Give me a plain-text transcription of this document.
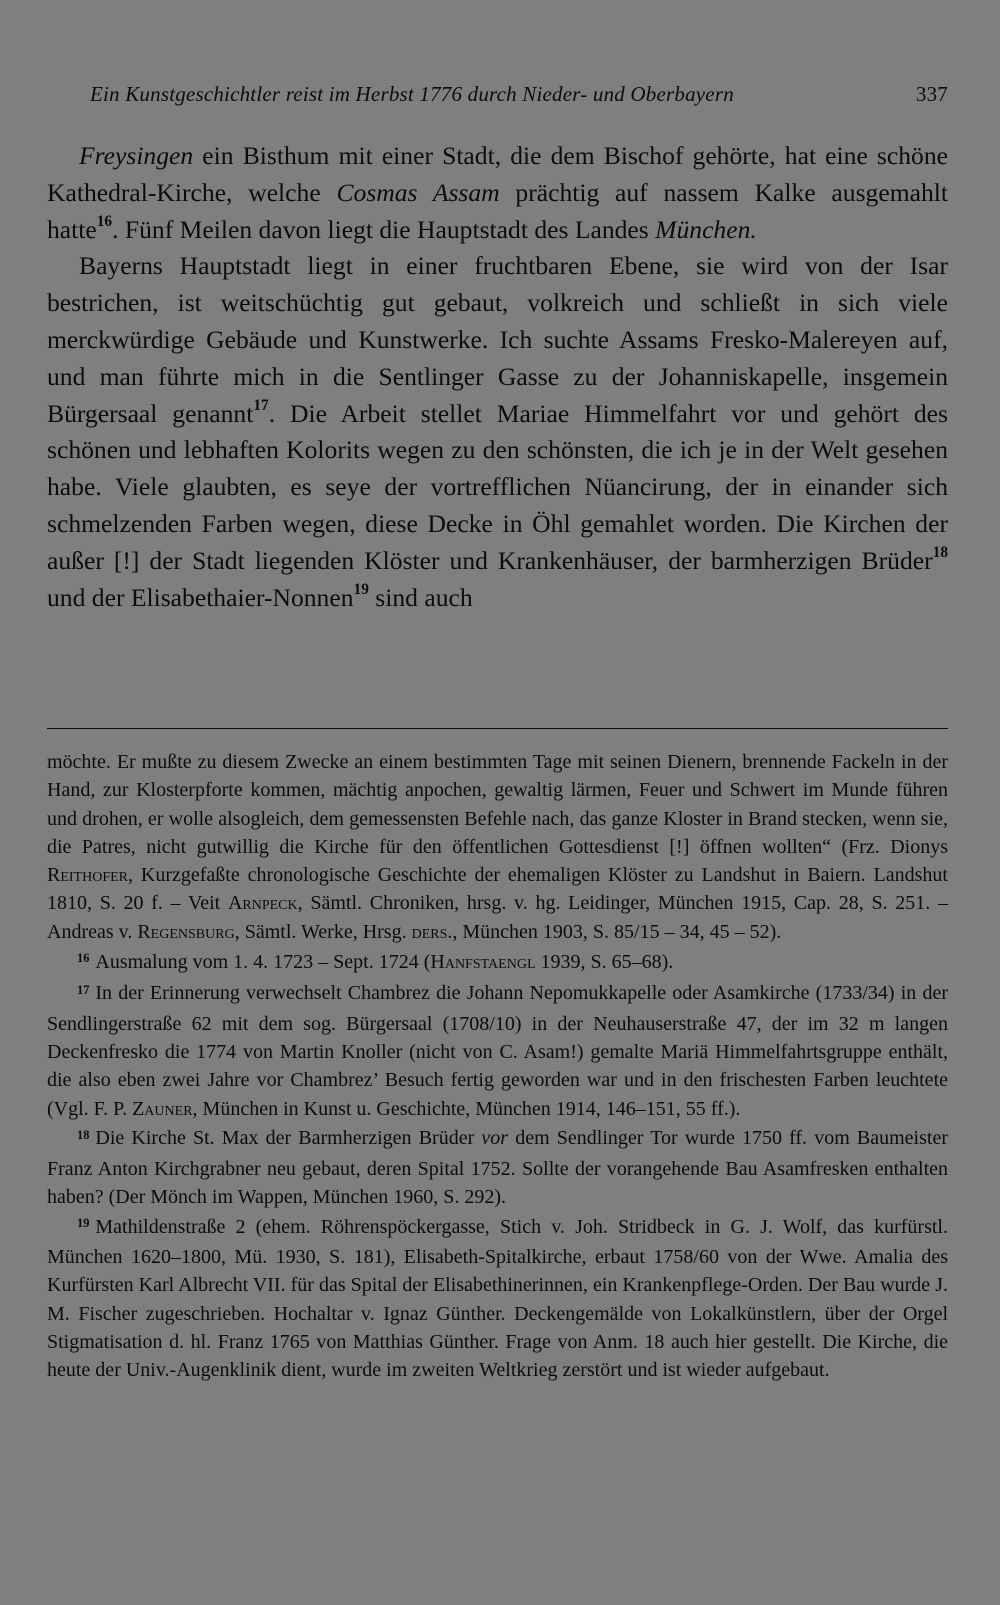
Ein Kunstgeschichtler reist im Herbst 1776 durch Nieder- und Oberbayern	337

Freysingen ein Bisthum mit einer Stadt, die dem Bischof gehörte, hat eine schöne Kathedral-Kirche, welche Cosmas Assam prächtig auf nassem Kalke ausgemahlt hatte$^{16}$. Fünf Meilen davon liegt die Hauptstadt des Landes München.

Bayerns Hauptstadt liegt in einer fruchtbaren Ebene, sie wird von der Isar bestrichen, ist weitschüchtig gut gebaut, volkreich und schließt in sich viele merckwürdige Gebäude und Kunstwerke. Ich suchte Assams Fresko-Malereyen auf, und man führte mich in die Sentlinger Gasse zu der Johanniskapelle, insgemein Bürgersaal genannt$^{17}$. Die Arbeit stellet Mariae Himmelfahrt vor und gehört des schönen und lebhaften Kolorits wegen zu den schönsten, die ich je in der Welt gesehen habe. Viele glaubten, es seye der vortrefflichen Nüancirung, der in einander sich schmelzenden Farben wegen, diese Decke in Öhl gemahlet worden. Die Kirchen der außer [!] der Stadt liegenden Klöster und Krankenhäuser, der barmherzigen Brüder$^{18}$ und der Elisabethaier-Nonnen$^{19}$ sind auch

möchte. Er mußte zu diesem Zwecke an einem bestimmten Tage mit seinen Dienern, brennende Fackeln in der Hand, zur Klosterpforte kommen, mächtig anpochen, gewaltig lärmen, Feuer und Schwert im Munde führen und drohen, er wolle alsogleich, dem gemessensten Befehle nach, das ganze Kloster in Brand stecken, wenn sie, die Patres, nicht gutwillig die Kirche für den öffentlichen Gottesdienst [!] öffnen wollten“ (Frz. Dionys Reithofer, Kurzgefaßte chronologische Geschichte der ehemaligen Klöster zu Landshut in Baiern. Landshut 1810, S. 20 f. – Veit Arnpeck, Sämtl. Chroniken, hrsg. v. hg. Leidinger, München 1915, Cap. 28, S. 251. – Andreas v. Regensburg, Sämtl. Werke, Hrsg. ders., München 1903, S. 85/15 – 34, 45 – 52).

$^{16}$ Ausmalung vom 1. 4. 1723 – Sept. 1724 (Hanfstaengl 1939, S. 65–68).

$^{17}$ In der Erinnerung verwechselt Chambrez die Johann Nepomukkapelle oder Asamkirche (1733/34) in der Sendlingerstraße 62 mit dem sog. Bürgersaal (1708/10) in der Neuhauserstraße 47, der im 32 m langen Deckenfresko die 1774 von Martin Knoller (nicht von C. Asam!) gemalte Mariä Himmelfahrtsgruppe enthält, die also eben zwei Jahre vor Chambrez’ Besuch fertig geworden war und in den frischesten Farben leuchtete (Vgl. F. P. Zauner, München in Kunst u. Geschichte, München 1914, 146–151, 55 ff.).

$^{18}$ Die Kirche St. Max der Barmherzigen Brüder vor dem Sendlinger Tor wurde 1750 ff. vom Baumeister Franz Anton Kirchgrabner neu gebaut, deren Spital 1752. Sollte der vorangehende Bau Asamfresken enthalten haben? (Der Mönch im Wappen, München 1960, S. 292).

$^{19}$ Mathildenstraße 2 (ehem. Röhrenspöckergasse, Stich v. Joh. Stridbeck in G. J. Wolf, das kurfürstl. München 1620–1800, Mü. 1930, S. 181), Elisabeth-Spitalkirche, erbaut 1758/60 von der Wwe. Amalia des Kurfürsten Karl Albrecht VII. für das Spital der Elisabethinerinnen, ein Krankenpflege-Orden. Der Bau wurde J. M. Fischer zugeschrieben. Hochaltar v. Ignaz Günther. Deckengemälde von Lokalkünstlern, über der Orgel Stigmatisation d. hl. Franz 1765 von Matthias Günther. Frage von Anm. 18 auch hier gestellt. Die Kirche, die heute der Univ.-Augenklinik dient, wurde im zweiten Weltkrieg zerstört und ist wieder aufgebaut.
